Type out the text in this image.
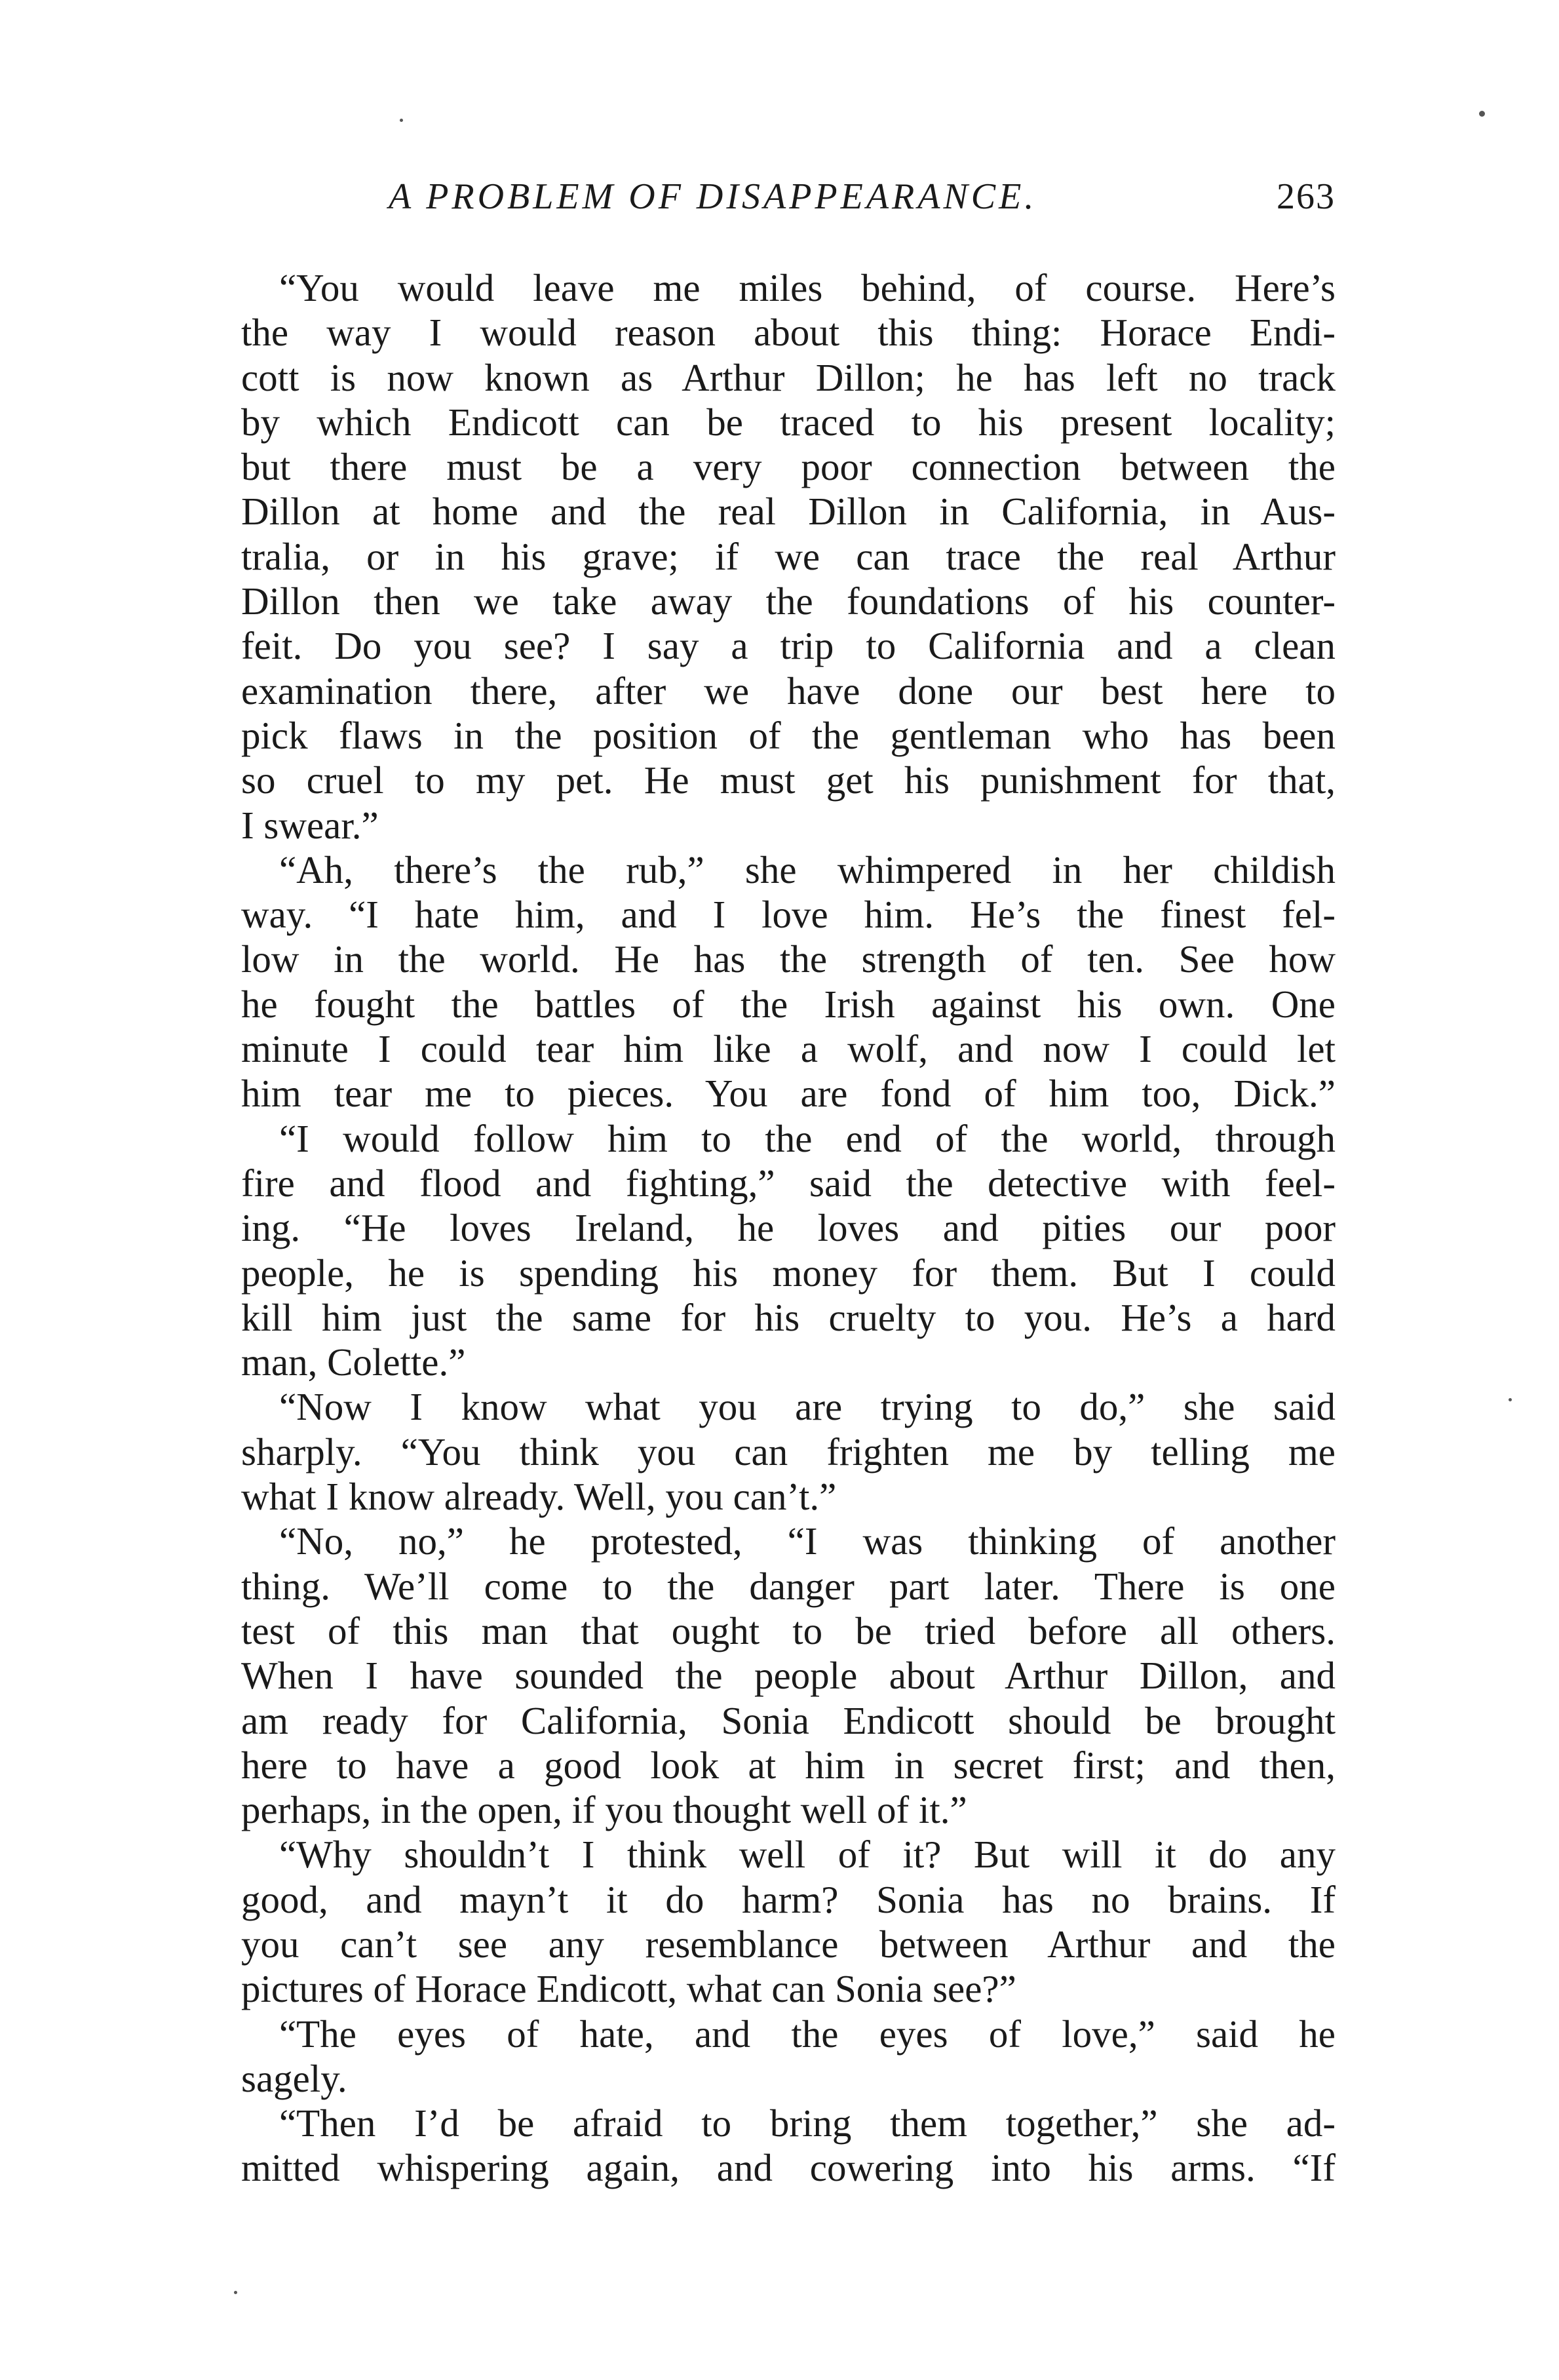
A PROBLEM OF DISAPPEARANCE.	263
“You would leave me miles behind, of course. Here’s
the way I would reason about this thing: Horace Endi-
cott is now known as Arthur Dillon; he has left no track
by which Endicott can be traced to his present locality;
but there must be a very poor connection between the
Dillon at home and the real Dillon in California, in Aus-
tralia, or in his grave; if we can trace the real Arthur
Dillon then we take away the foundations of his counter-
feit. Do you see? I say a trip to California and a clean
examination there, after we have done our best here to
pick flaws in the position of the gentleman who has been
so cruel to my pet. He must get his punishment for that,
I swear.”
“Ah, there’s the rub,” she whimpered in her childish
way. “I hate him, and I love him. He’s the finest fel-
low in the world. He has the strength of ten. See how
he fought the battles of the Irish against his own. One
minute I could tear him like a wolf, and now I could let
him tear me to pieces. You are fond of him too, Dick.”
“I would follow him to the end of the world, through
fire and flood and fighting,” said the detective with feel-
ing. “He loves Ireland, he loves and pities our poor
people, he is spending his money for them. But I could
kill him just the same for his cruelty to you. He’s a hard
man, Colette.”
“Now I know what you are trying to do,” she said
sharply. “You think you can frighten me by telling me
what I know already. Well, you can’t.”
“No, no,” he protested, “I was thinking of another
thing. We’ll come to the danger part later. There is one
test of this man that ought to be tried before all others.
When I have sounded the people about Arthur Dillon, and
am ready for California, Sonia Endicott should be brought
here to have a good look at him in secret first; and then,
perhaps, in the open, if you thought well of it.”
“Why shouldn’t I think well of it? But will it do any
good, and mayn’t it do harm? Sonia has no brains. If
you can’t see any resemblance between Arthur and the
pictures of Horace Endicott, what can Sonia see?”
“The eyes of hate, and the eyes of love,” said he
sagely.
“Then I’d be afraid to bring them together,” she ad-
mitted whispering again, and cowering into his arms. “If
